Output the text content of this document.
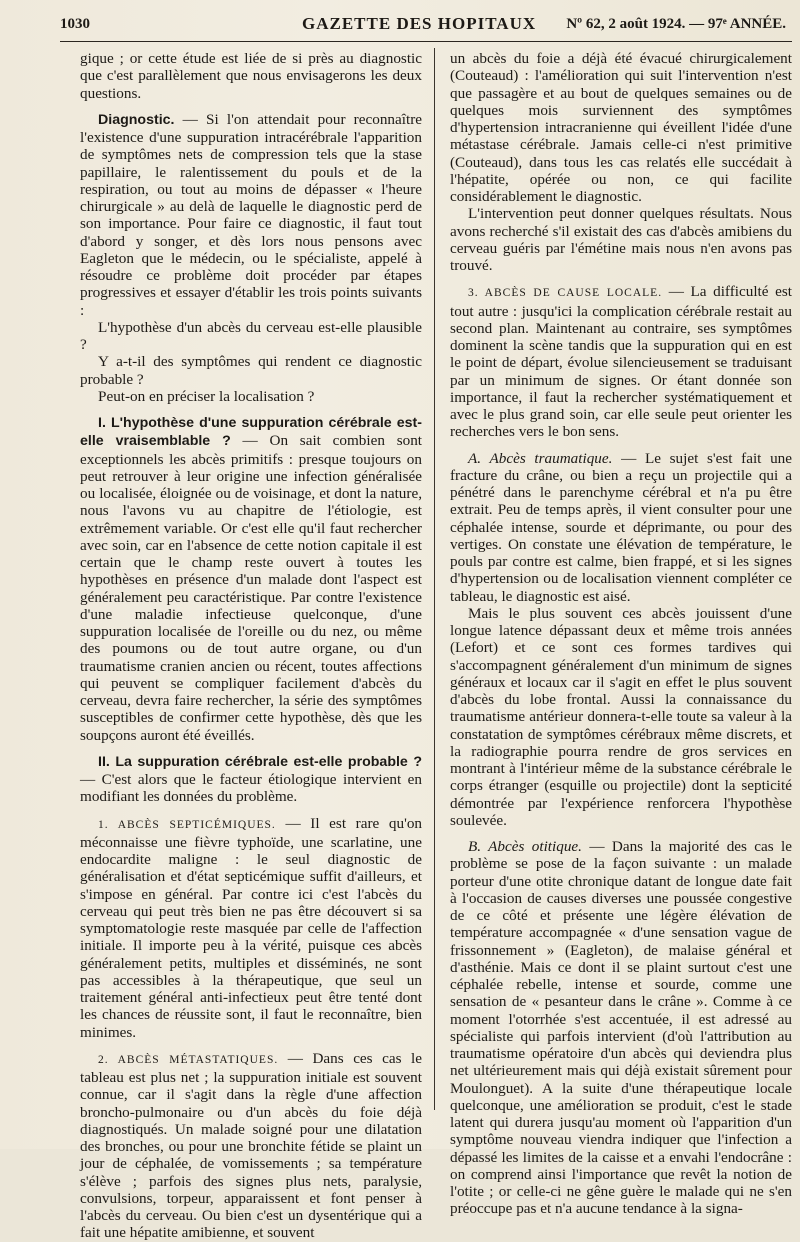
1030	GAZETTE DES HOPITAUX Nº 62, 2 août 1924. — 97ᵉ ANNÉE.

gique ; or cette étude est liée de si près au diagnostic que c'est parallèlement que nous envisagerons les deux questions.

Diagnostic. — Si l'on attendait pour reconnaître l'existence d'une suppuration intracérébrale l'apparition de symptômes nets de compression tels que la stase papillaire, le ralentissement du pouls et de la respiration, ou tout au moins de dépasser « l'heure chirurgicale » au delà de laquelle le diagnostic perd de son importance. Pour faire ce diagnostic, il faut tout d'abord y songer, et dès lors nous pensons avec Eagleton que le médecin, ou le spécialiste, appelé à résoudre ce problème doit procéder par étapes progressives et essayer d'établir les trois points suivants :

L'hypothèse d'un abcès du cerveau est-elle plausible ?

Y a-t-il des symptômes qui rendent ce diagnostic probable ?

Peut-on en préciser la localisation ?

I. L'hypothèse d'une suppuration cérébrale est-elle vraisemblable ? — On sait combien sont exceptionnels les abcès primitifs : presque toujours on peut retrouver à leur origine une infection généralisée ou localisée, éloignée ou de voisinage, et dont la nature, nous l'avons vu au chapitre de l'étiologie, est extrêmement variable. Or c'est elle qu'il faut rechercher avec soin, car en l'absence de cette notion capitale il est certain que le champ reste ouvert à toutes les hypothèses en présence d'un malade dont l'aspect est généralement peu caractéristique. Par contre l'existence d'une maladie infectieuse quelconque, d'une suppuration localisée de l'oreille ou du nez, ou même des poumons ou de tout autre organe, ou d'un traumatisme cranien ancien ou récent, toutes affections qui peuvent se compliquer facilement d'abcès du cerveau, devra faire rechercher, la série des symptômes susceptibles de confirmer cette hypothèse, dès que les soupçons auront été éveillés.

II. La suppuration cérébrale est-elle probable ? — C'est alors que le facteur étiologique intervient en modifiant les données du problème.

1. ABCÈS SEPTICÉMIQUES. — Il est rare qu'on méconnaisse une fièvre typhoïde, une scarlatine, une endocardite maligne : le seul diagnostic de généralisation et d'état septicémique suffit d'ailleurs, et s'impose en général. Par contre ici c'est l'abcès du cerveau qui peut très bien ne pas être découvert si sa symptomatologie reste masquée par celle de l'affection initiale. Il importe peu à la vérité, puisque ces abcès généralement petits, multiples et disséminés, ne sont pas accessibles à la thérapeutique, que seul un traitement général anti-infectieux peut être tenté dont les chances de réussite sont, il faut le reconnaître, bien minimes.

2. ABCÈS MÉTASTATIQUES. — Dans ces cas le tableau est plus net ; la suppuration initiale est souvent connue, car il s'agit dans la règle d'une affection broncho-pulmonaire ou d'un abcès du foie déjà diagnostiqués. Un malade soigné pour une dilatation des bronches, ou pour une bronchite fétide se plaint un jour de céphalée, de vomissements ; sa température s'élève ; parfois des signes plus nets, paralysie, convulsions, torpeur, apparaissent et font penser à l'abcès du cerveau. Ou bien c'est un dysentérique qui a fait une hépatite amibienne, et souvent

un abcès du foie a déjà été évacué chirurgicalement (Couteaud) : l'amélioration qui suit l'intervention n'est que passagère et au bout de quelques semaines ou de quelques mois surviennent des symptômes d'hypertension intracranienne qui éveillent l'idée d'une métastase cérébrale. Jamais celle-ci n'est primitive (Couteaud), dans tous les cas relatés elle succédait à l'hépatite, opérée ou non, ce qui facilite considérablement le diagnostic.

L'intervention peut donner quelques résultats. Nous avons recherché s'il existait des cas d'abcès amibiens du cerveau guéris par l'émétine mais nous n'en avons pas trouvé.

3. ABCÈS DE CAUSE LOCALE. — La difficulté est tout autre : jusqu'ici la complication cérébrale restait au second plan. Maintenant au contraire, ses symptômes dominent la scène tandis que la suppuration qui en est le point de départ, évolue silencieusement se traduisant par un minimum de signes. Or étant donnée son importance, il faut la rechercher systématiquement et avec le plus grand soin, car elle seule peut orienter les recherches vers le bon sens.

A. Abcès traumatique. — Le sujet s'est fait une fracture du crâne, ou bien a reçu un projectile qui a pénétré dans le parenchyme cérébral et n'a pu être extrait. Peu de temps après, il vient consulter pour une céphalée intense, sourde et déprimante, ou pour des vertiges. On constate une élévation de température, le pouls par contre est calme, bien frappé, et si les signes d'hypertension ou de localisation viennent compléter ce tableau, le diagnostic est aisé.

Mais le plus souvent ces abcès jouissent d'une longue latence dépassant deux et même trois années (Lefort) et ce sont ces formes tardives qui s'accompagnent généralement d'un minimum de signes généraux et locaux car il s'agit en effet le plus souvent d'abcès du lobe frontal. Aussi la connaissance du traumatisme antérieur donnera-t-elle toute sa valeur à la constatation de symptômes cérébraux même discrets, et la radiographie pourra rendre de gros services en montrant à l'intérieur même de la substance cérébrale le corps étranger (esquille ou projectile) dont la septicité démontrée par l'expérience renforcera l'hypothèse soulevée.

B. Abcès otitique. — Dans la majorité des cas le problème se pose de la façon suivante : un malade porteur d'une otite chronique datant de longue date fait à l'occasion de causes diverses une poussée congestive de ce côté et présente une légère élévation de température accompagnée « d'une sensation vague de frissonnement » (Eagleton), de malaise général et d'asthénie. Mais ce dont il se plaint surtout c'est une céphalée rebelle, intense et sourde, comme une sensation de « pesanteur dans le crâne ». Comme à ce moment l'otorrhée s'est accentuée, il est adressé au spécialiste qui parfois intervient (d'où l'attribution au traumatisme opératoire d'un abcès qui deviendra plus net ultérieurement mais qui déjà existait sûrement pour Moulonguet). A la suite d'une thérapeutique locale quelconque, une amélioration se produit, c'est le stade latent qui durera jusqu'au moment où l'apparition d'un symptôme nouveau viendra indiquer que l'infection a dépassé les limites de la caisse et a envahi l'endocrâne : on comprend ainsi l'importance que revêt la notion de l'otite ; or celle-ci ne gêne guère le malade qui ne s'en préoccupe pas et n'a aucune tendance à la signa-
